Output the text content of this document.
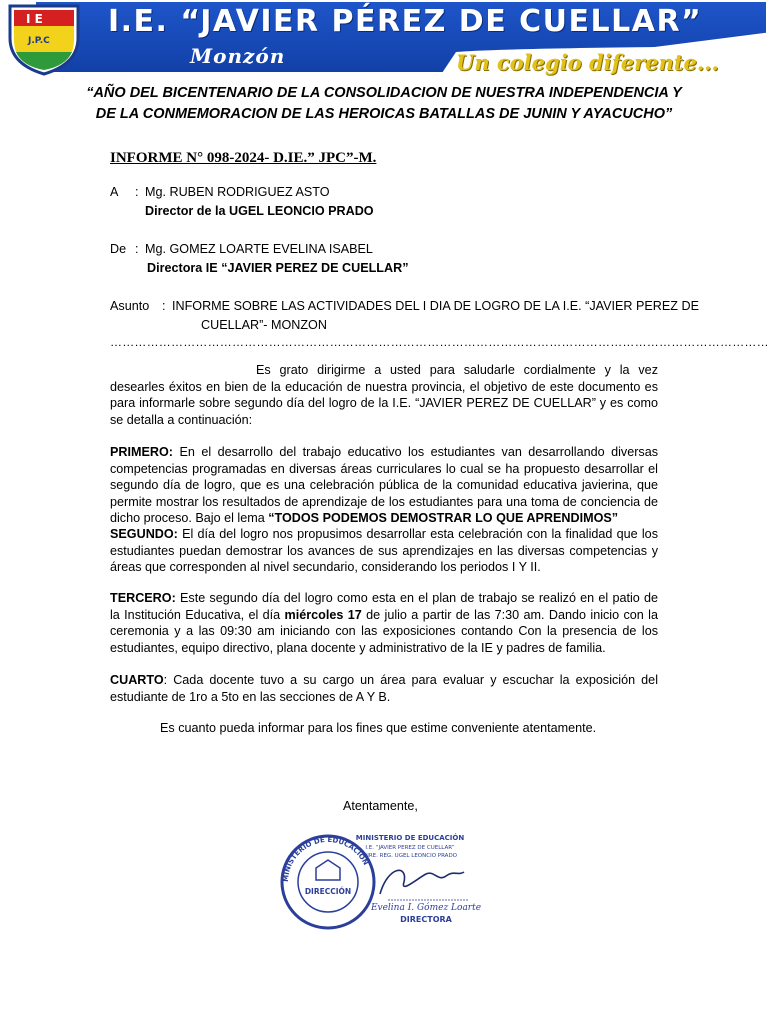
I E
J.P.C
I.E. “JAVIER PÉREZ DE CUELLAR”
Monzón	Un colegio diferente...
“AÑO DEL BICENTENARIO DE LA CONSOLIDACION DE NUESTRA INDEPENDENCIA Y
DE LA CONMEMORACION DE LAS HEROICAS BATALLAS DE JUNIN Y AYACUCHO”
INFORME N° 098-2024- D.IE.” JPC”-M.
A : Mg. RUBEN RODRIGUEZ ASTO
Director de la UGEL LEONCIO PRADO
De : Mg. GOMEZ LOARTE EVELINA ISABEL
Directora IE “JAVIER PEREZ DE CUELLAR”
Asunto : INFORME SOBRE LAS ACTIVIDADES DEL I DIA DE LOGRO DE LA I.E. “JAVIER PEREZ DE
CUELLAR”- MONZON
………………………………………………………………………………………………………………………………………………
Es grato dirigirme a usted para saludarle cordialmente y la vez desearles éxitos en bien de la educación de nuestra provincia, el objetivo de este documento es para informarle sobre segundo día del logro de la I.E. “JAVIER PEREZ DE CUELLAR” y es como se detalla a continuación:
PRIMERO: En el desarrollo del trabajo educativo los estudiantes van desarrollando diversas competencias programadas en diversas áreas curriculares lo cual se ha propuesto desarrollar el segundo día de logro, que es una celebración pública de la comunidad educativa javierina, que permite mostrar los resultados de aprendizaje de los estudiantes para una toma de conciencia de dicho proceso. Bajo el lema “TODOS PODEMOS DEMOSTRAR LO QUE APRENDIMOS”
SEGUNDO: El día del logro nos propusimos desarrollar esta celebración con la finalidad que los estudiantes puedan demostrar los avances de sus aprendizajes en las diversas competencias y áreas que corresponden al nivel secundario, considerando los periodos I Y II.
TERCERO: Este segundo día del logro como esta en el plan de trabajo se realizó en el patio de la Institución Educativa, el día miércoles 17 de julio a partir de las 7:30 am. Dando inicio con la ceremonia y a las 09:30 am iniciando con las exposiciones contando Con la presencia de los estudiantes, equipo directivo, plana docente y administrativo de la IE y padres de familia.
CUARTO: Cada docente tuvo a su cargo un área para evaluar y escuchar la exposición del estudiante de 1ro a 5to en las secciones de A Y B.
Es cuanto pueda informar para los fines que estime conveniente atentamente.
Atentamente,
MINISTERIO DE EDUCACIÓN
DIRECCIÓN
MINISTERIO DE EDUCACIÓN
I.E. “JAVIER PEREZ DE CUELLAR”
DIRE. REG. UGEL LEONCIO PRADO
Evelina I. Gómez Loarte
DIRECTORA
